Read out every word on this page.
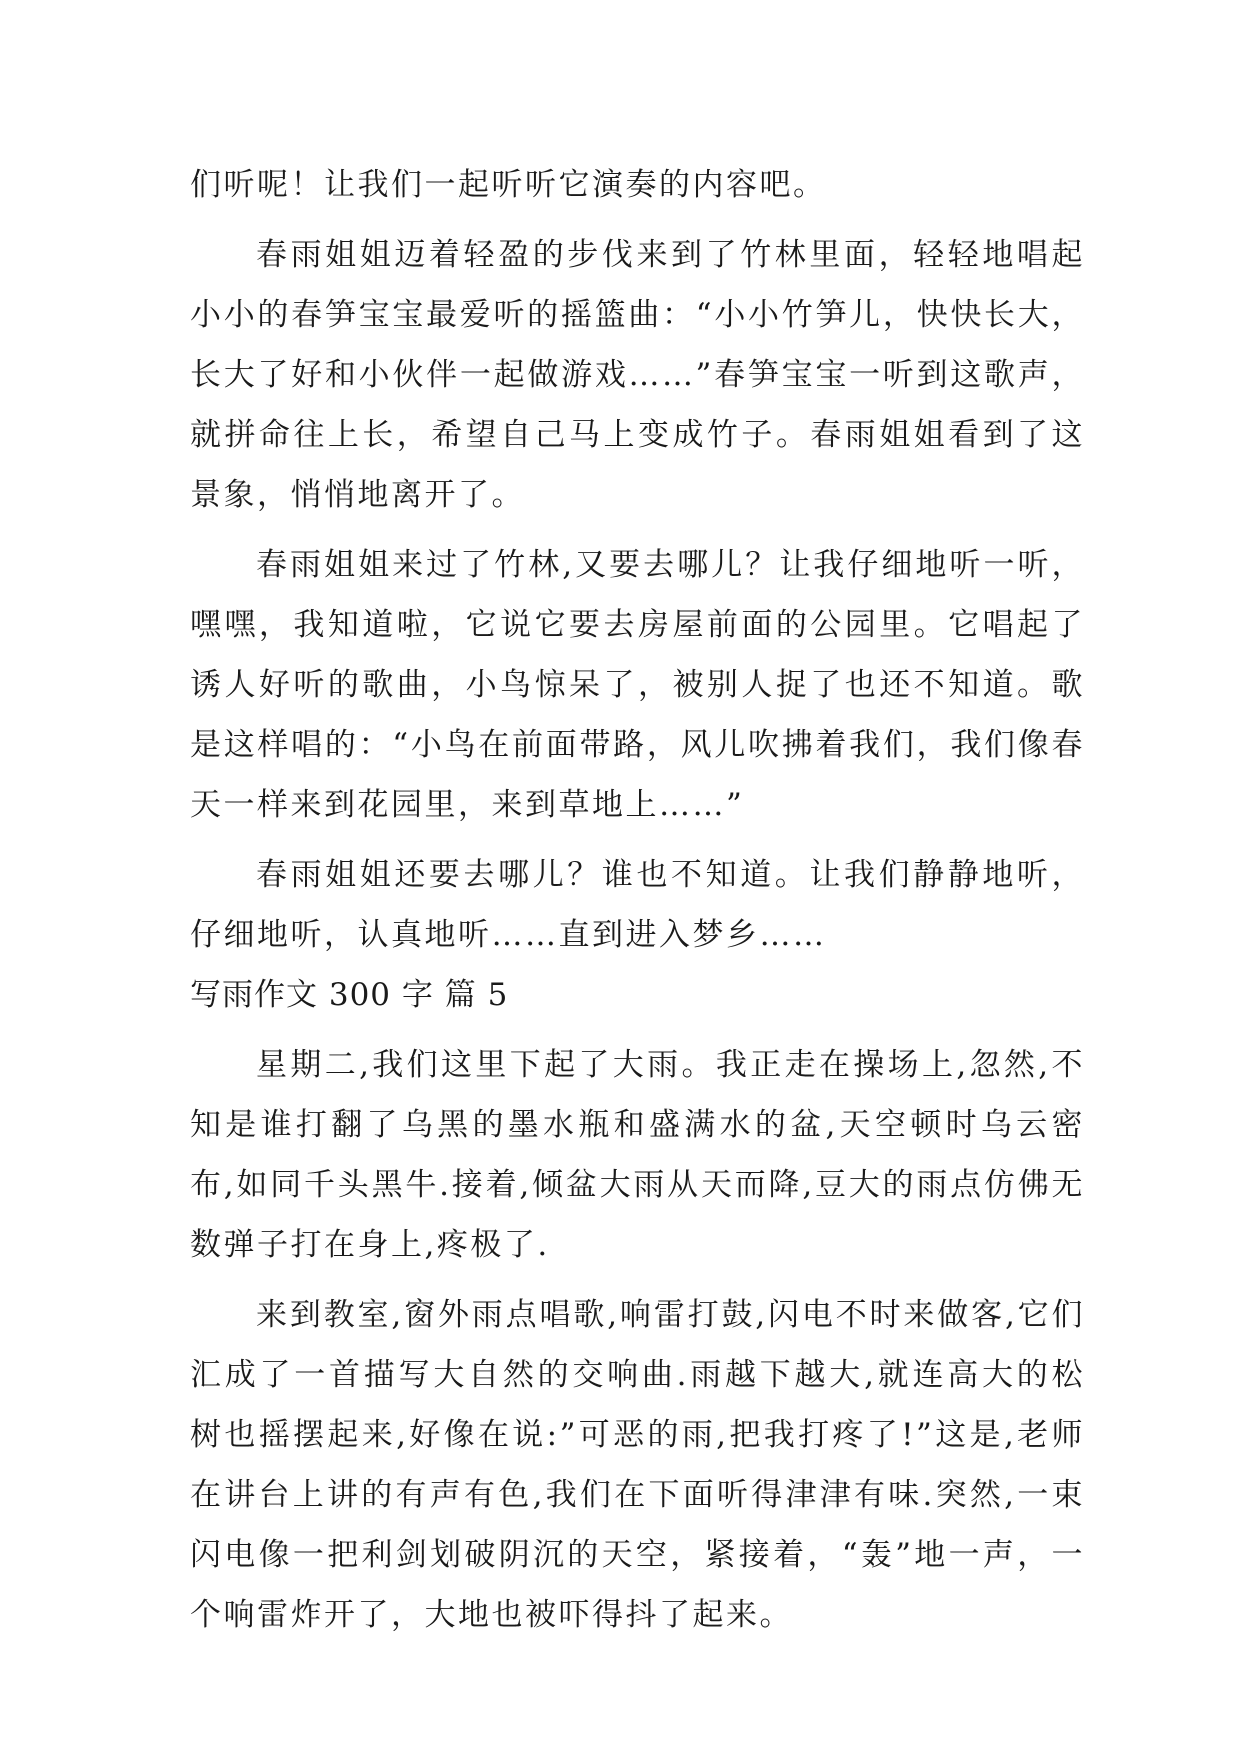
们听呢！让我们一起听听它演奏的内容吧。

春雨姐姐迈着轻盈的步伐来到了竹林里面，轻轻地唱起小小的春笋宝宝最爱听的摇篮曲：“小小竹笋儿，快快长大，长大了好和小伙伴一起做游戏……”春笋宝宝一听到这歌声，就拼命往上长，希望自己马上变成竹子。春雨姐姐看到了这景象，悄悄地离开了。

春雨姐姐来过了竹林,又要去哪儿？让我仔细地听一听，嘿嘿，我知道啦，它说它要去房屋前面的公园里。它唱起了诱人好听的歌曲，小鸟惊呆了，被别人捉了也还不知道。歌是这样唱的：“小鸟在前面带路，风儿吹拂着我们，我们像春天一样来到花园里，来到草地上……”

春雨姐姐还要去哪儿？谁也不知道。让我们静静地听，仔细地听，认真地听……直到进入梦乡……

写雨作文 300 字 篇 5

星期二,我们这里下起了大雨。我正走在操场上,忽然,不知是谁打翻了乌黑的墨水瓶和盛满水的盆,天空顿时乌云密布,如同千头黑牛.接着,倾盆大雨从天而降,豆大的雨点仿佛无数弹子打在身上,疼极了.

来到教室,窗外雨点唱歌,响雷打鼓,闪电不时来做客,它们汇成了一首描写大自然的交响曲.雨越下越大,就连高大的松树也摇摆起来,好像在说:”可恶的雨,把我打疼了!”这是,老师在讲台上讲的有声有色,我们在下面听得津津有味.突然,一束闪电像一把利剑划破阴沉的天空，紧接着，“轰”地一声，一个响雷炸开了，大地也被吓得抖了起来。
